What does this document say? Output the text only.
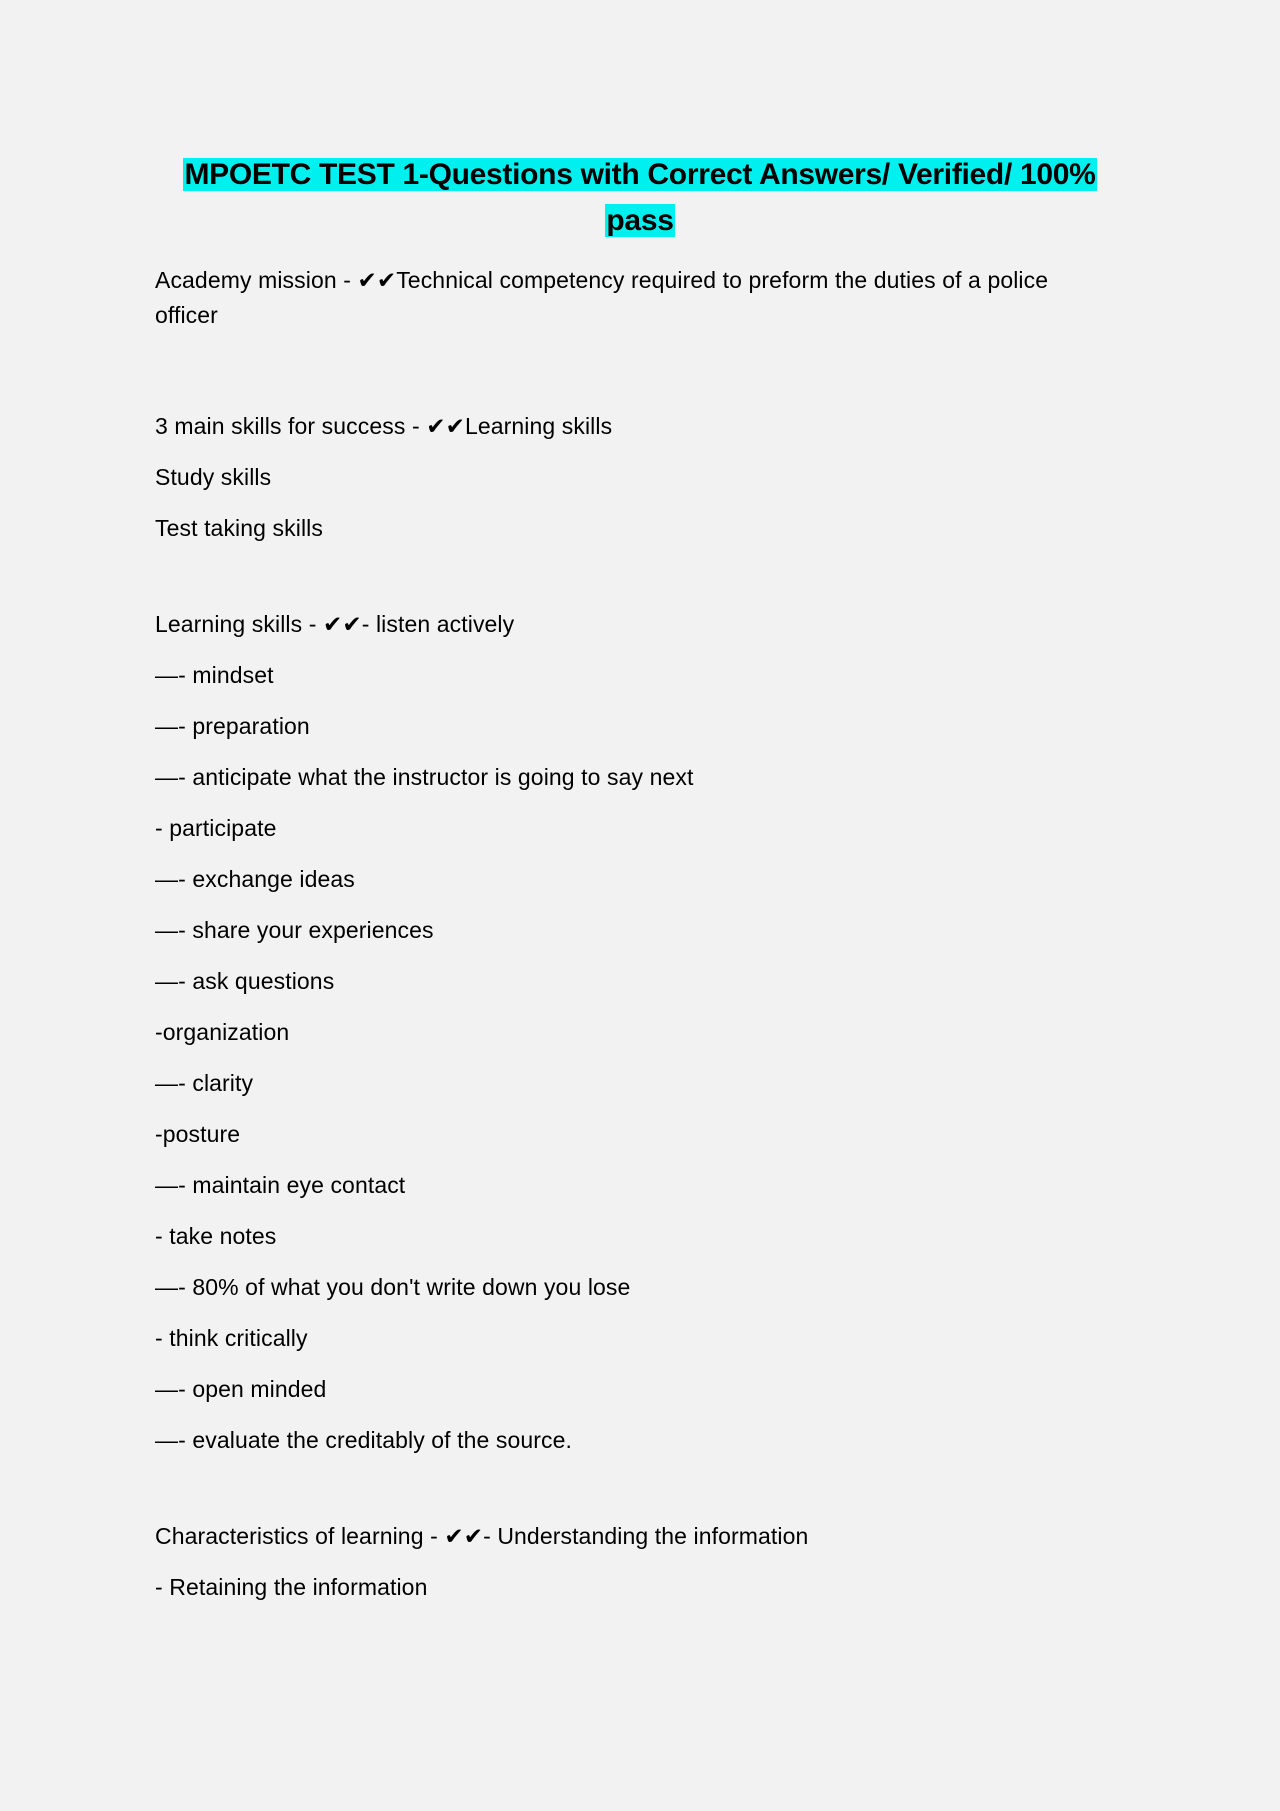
MPOETC TEST 1-Questions with Correct Answers/ Verified/ 100% pass

Academy mission - ✔✔Technical competency required to preform the duties of a police officer

3 main skills for success - ✔✔Learning skills

Study skills

Test taking skills

Learning skills - ✔✔- listen actively

—- mindset

—- preparation

—- anticipate what the instructor is going to say next

- participate

—- exchange ideas

—- share your experiences

—- ask questions

-organization

—- clarity

-posture

—- maintain eye contact

- take notes

—- 80% of what you don't write down you lose

- think critically

—- open minded

—- evaluate the creditably of the source.

Characteristics of learning - ✔✔- Understanding the information

- Retaining the information
